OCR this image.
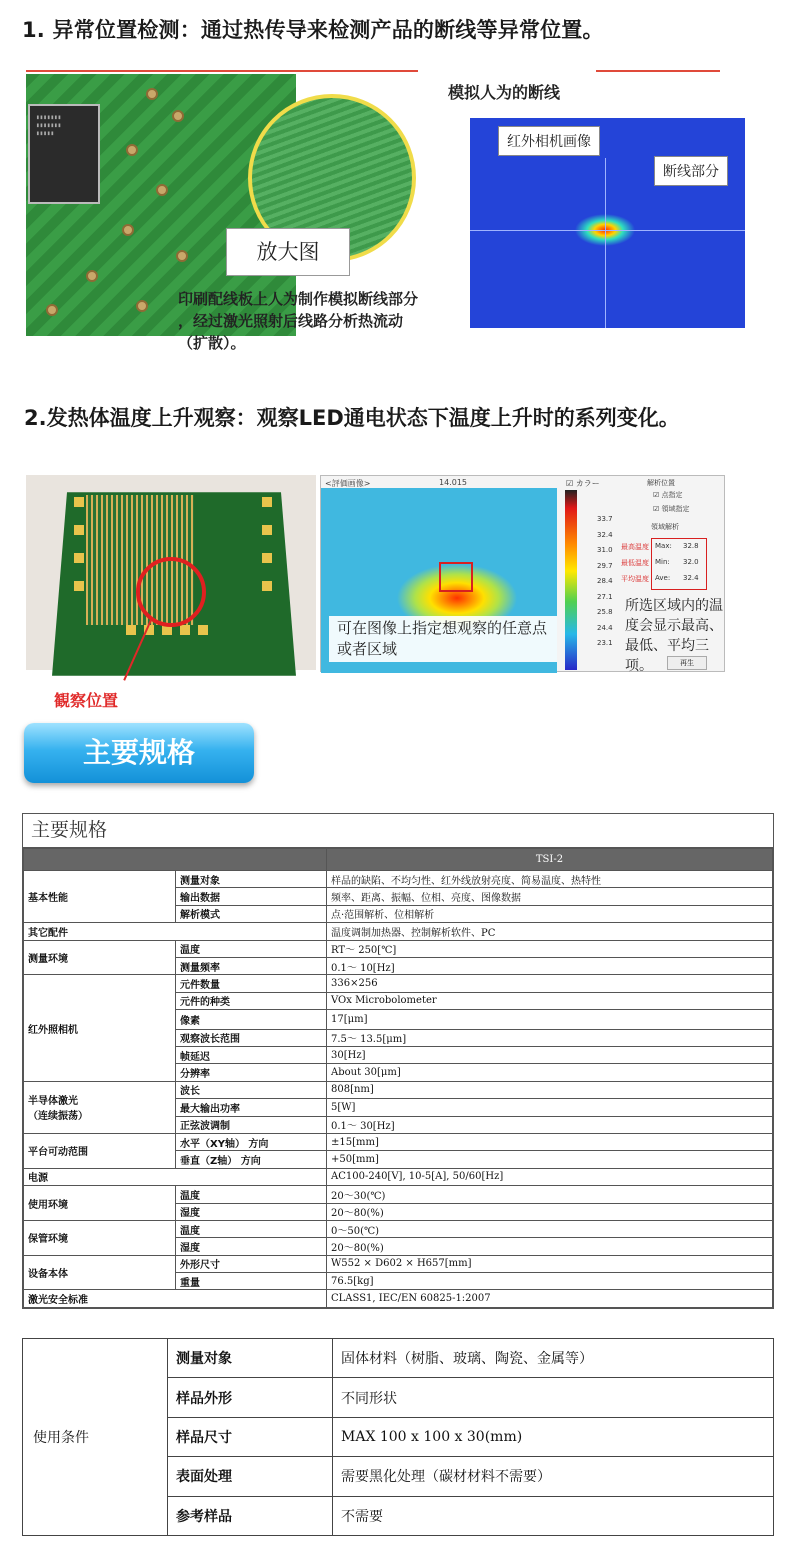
1. 异常位置检测：通过热传导来检测产品的断线等异常位置。
▮▮▮▮▮▮▮
▮▮▮▮▮▮▮
▮▮▮▮▮
放大图
印刷配线板上人为制作模拟断线部分
，经过激光照射后线路分析热流动
（扩散）。
模拟人为的断线
红外相机画像
断线部分
2.发热体温度上升观察：观察LED通电状态下温度上升时的系列变化。
観察位置
<評価画像>	14.015
可在图像上指定想观察的任意点或者区域
☑ カラー
33.7
32.4
31.0
29.7
28.4
27.1
25.8
24.4
23.1
解析位置
☑ 点指定
☑ 領域指定
領域解析
最高温度 Max: 32.8
最低温度 Min: 32.0
平均温度 Ave: 32.4
所选区域内的温度会显示最高、最低、平均三项。	再生
主要规格
主要规格
		TSI-2
基本性能	测量对象	样品的缺陷、不均匀性、红外线放射亮度、简易温度、热特性
	输出数据	频率、距离、振幅、位相、亮度、图像数据
	解析模式	点·范围解析、位相解析
其它配件		温度调制加热器、控制解析软件、PC
测量环境	温度	RT～ 250[℃]
	测量频率	0.1～ 10[Hz]
红外照相机	元件数量	336×256
	元件的种类	VOx Microbolometer
	像素	17[μm]
	观察波长范围	7.5～ 13.5[μm]
	帧延迟	30[Hz]
	分辨率	About 30[μm]
半导体激光
（连续振荡）	波长	808[nm]
	最大输出功率	5[W]
	正弦波调制	0.1～ 30[Hz]
平台可动范围	水平（XY轴） 方向	±15[mm]
	垂直（Z轴） 方向	+50[mm]
电源		AC100-240[V], 10-5[A], 50/60[Hz]
使用环境	温度	20～30(℃)
	湿度	20～80(%)
保管环境	温度	0～50(℃)
	湿度	20～80(%)
设备本体	外形尺寸	W552 × D602 × H657[mm]
	重量	76.5[kg]
激光安全标准		CLASS1, IEC/EN 60825-1:2007
使用条件	测量对象	固体材料（树脂、玻璃、陶瓷、金属等）
	样品外形	不同形状
	样品尺寸	MAX 100 x 100 x 30(mm)
	表面处理	需要黑化处理（碳材材料不需要）
	参考样品	不需要
